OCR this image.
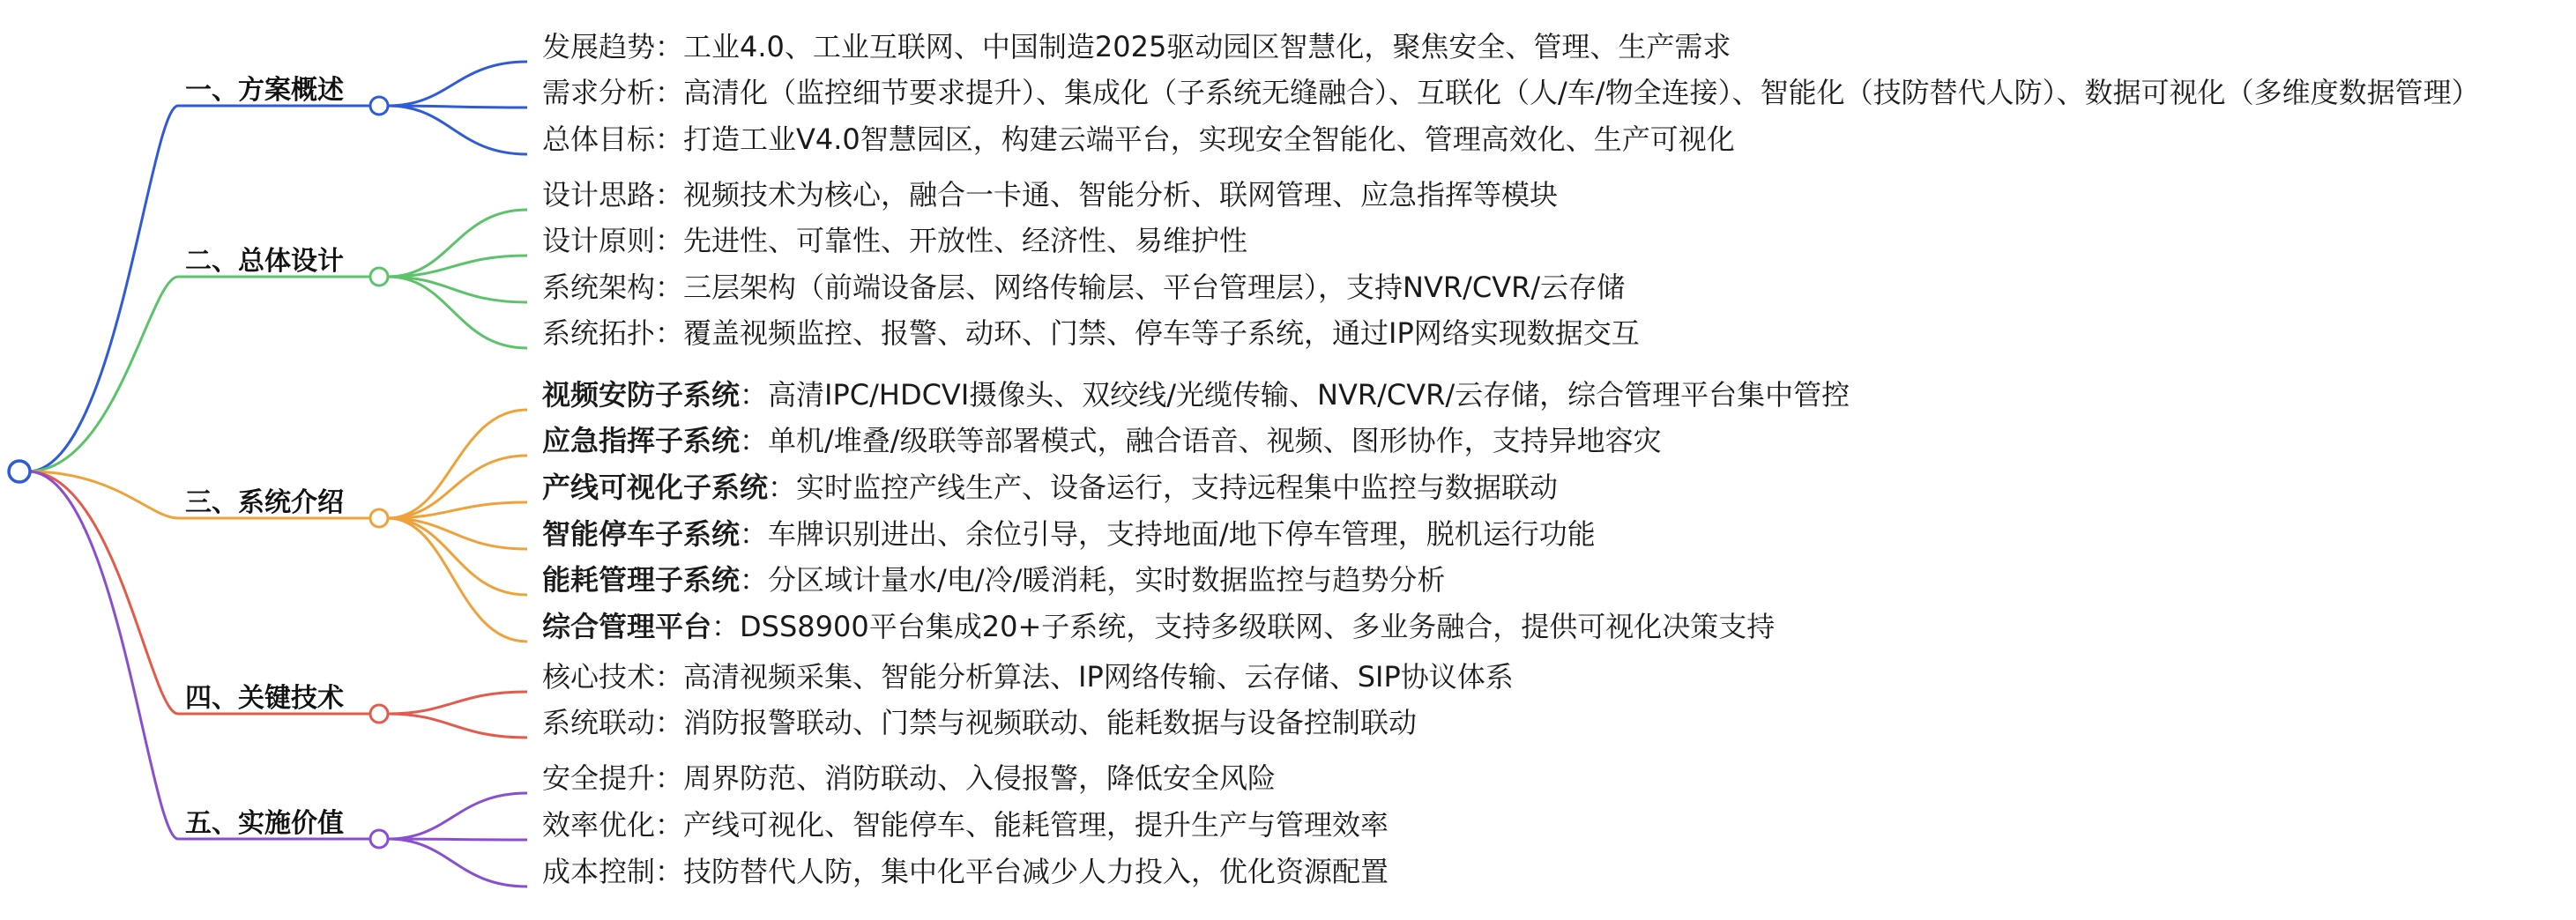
一、方案概述
发展趋势：工业4.0、工业互联网、中国制造2025驱动园区智慧化，聚焦安全、管理、生产需求
需求分析：高清化（监控细节要求提升）、集成化（子系统无缝融合）、互联化（人/车/物全连接）、智能化（技防替代人防）、数据可视化（多维度数据管理）
总体目标：打造工业V4.0智慧园区，构建云端平台，实现安全智能化、管理高效化、生产可视化
二、总体设计
设计思路：视频技术为核心，融合一卡通、智能分析、联网管理、应急指挥等模块
设计原则：先进性、可靠性、开放性、经济性、易维护性
系统架构：三层架构（前端设备层、网络传输层、平台管理层），支持NVR/CVR/云存储
系统拓扑：覆盖视频监控、报警、动环、门禁、停车等子系统，通过IP网络实现数据交互
三、系统介绍
视频安防子系统：高清IPC/HDCVI摄像头、双绞线/光缆传输、NVR/CVR/云存储，综合管理平台集中管控
应急指挥子系统：单机/堆叠/级联等部署模式，融合语音、视频、图形协作，支持异地容灾
产线可视化子系统：实时监控产线生产、设备运行，支持远程集中监控与数据联动
智能停车子系统：车牌识别进出、余位引导，支持地面/地下停车管理，脱机运行功能
能耗管理子系统：分区域计量水/电/冷/暖消耗，实时数据监控与趋势分析
综合管理平台：DSS8900平台集成20+子系统，支持多级联网、多业务融合，提供可视化决策支持
四、关键技术
核心技术：高清视频采集、智能分析算法、IP网络传输、云存储、SIP协议体系
系统联动：消防报警联动、门禁与视频联动、能耗数据与设备控制联动
五、实施价值
安全提升：周界防范、消防联动、入侵报警，降低安全风险
效率优化：产线可视化、智能停车、能耗管理，提升生产与管理效率
成本控制：技防替代人防，集中化平台减少人力投入，优化资源配置
